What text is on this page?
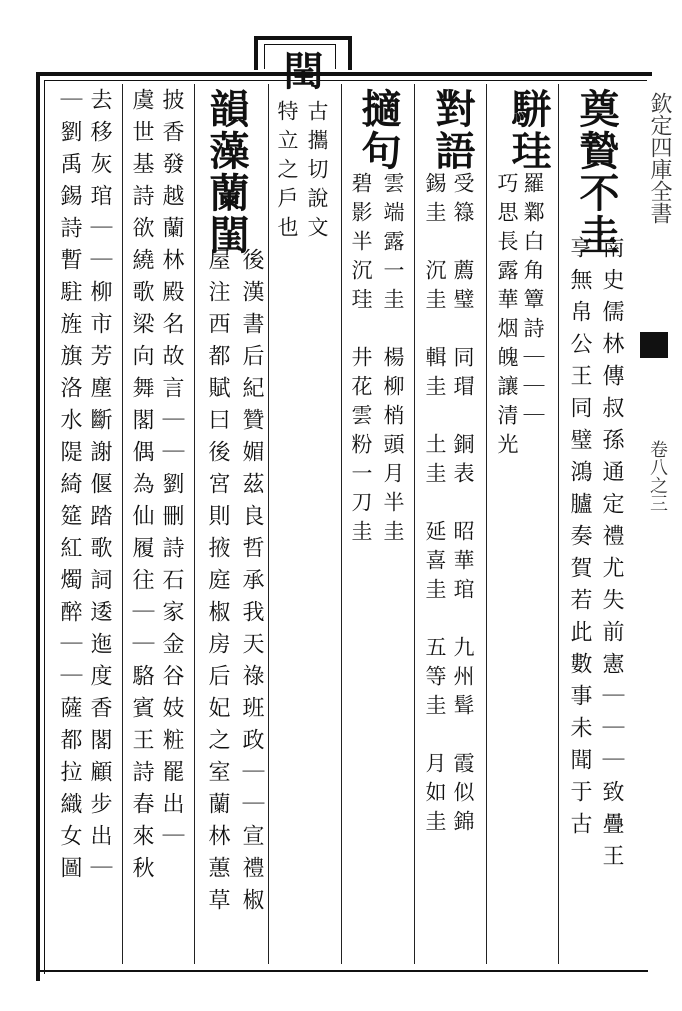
欽定四庫全書
卷八之三
奠贄不圭
南史儒林傳叔孫通定禮尤失前憲｜｜｜致疊王
享無帛公王同璧鴻臚奏賀若此數事未聞于古
駢珪
羅鄴白角簟詩｜｜｜
巧思長露華烟魄讓清光
對語
受簶　薦璧　同瑁　銅表　昭華琯　九州髶　霞似錦
錫圭　沉圭　輯圭　土圭　延喜圭　五等圭　月如圭
擿句
雲端露一圭　楊柳梢頭月半圭
碧影半沉珪　井花雲粉一刀圭
閏
古攜切說文
特立之戶也
韻藻蘭閨
後漢書后紀贊媚茲良哲承我天祿班政｜｜宣禮椒
屋注西都賦曰後宮則掖庭椒房后妃之室蘭林蕙草
披香發越蘭林殿名故言｜｜劉刪詩石家金谷妓粧罷出｜
虞世基詩欲繞歌梁向舞閣偶為仙履往｜｜駱賓王詩春來秋
去移灰琯｜｜柳市芳塵斷謝偃踏歌詞逶迤度香閣顧步出｜
｜劉禹錫詩暫駐旌旗洛水隄綺筵紅燭醉｜｜薩都拉織女圖
